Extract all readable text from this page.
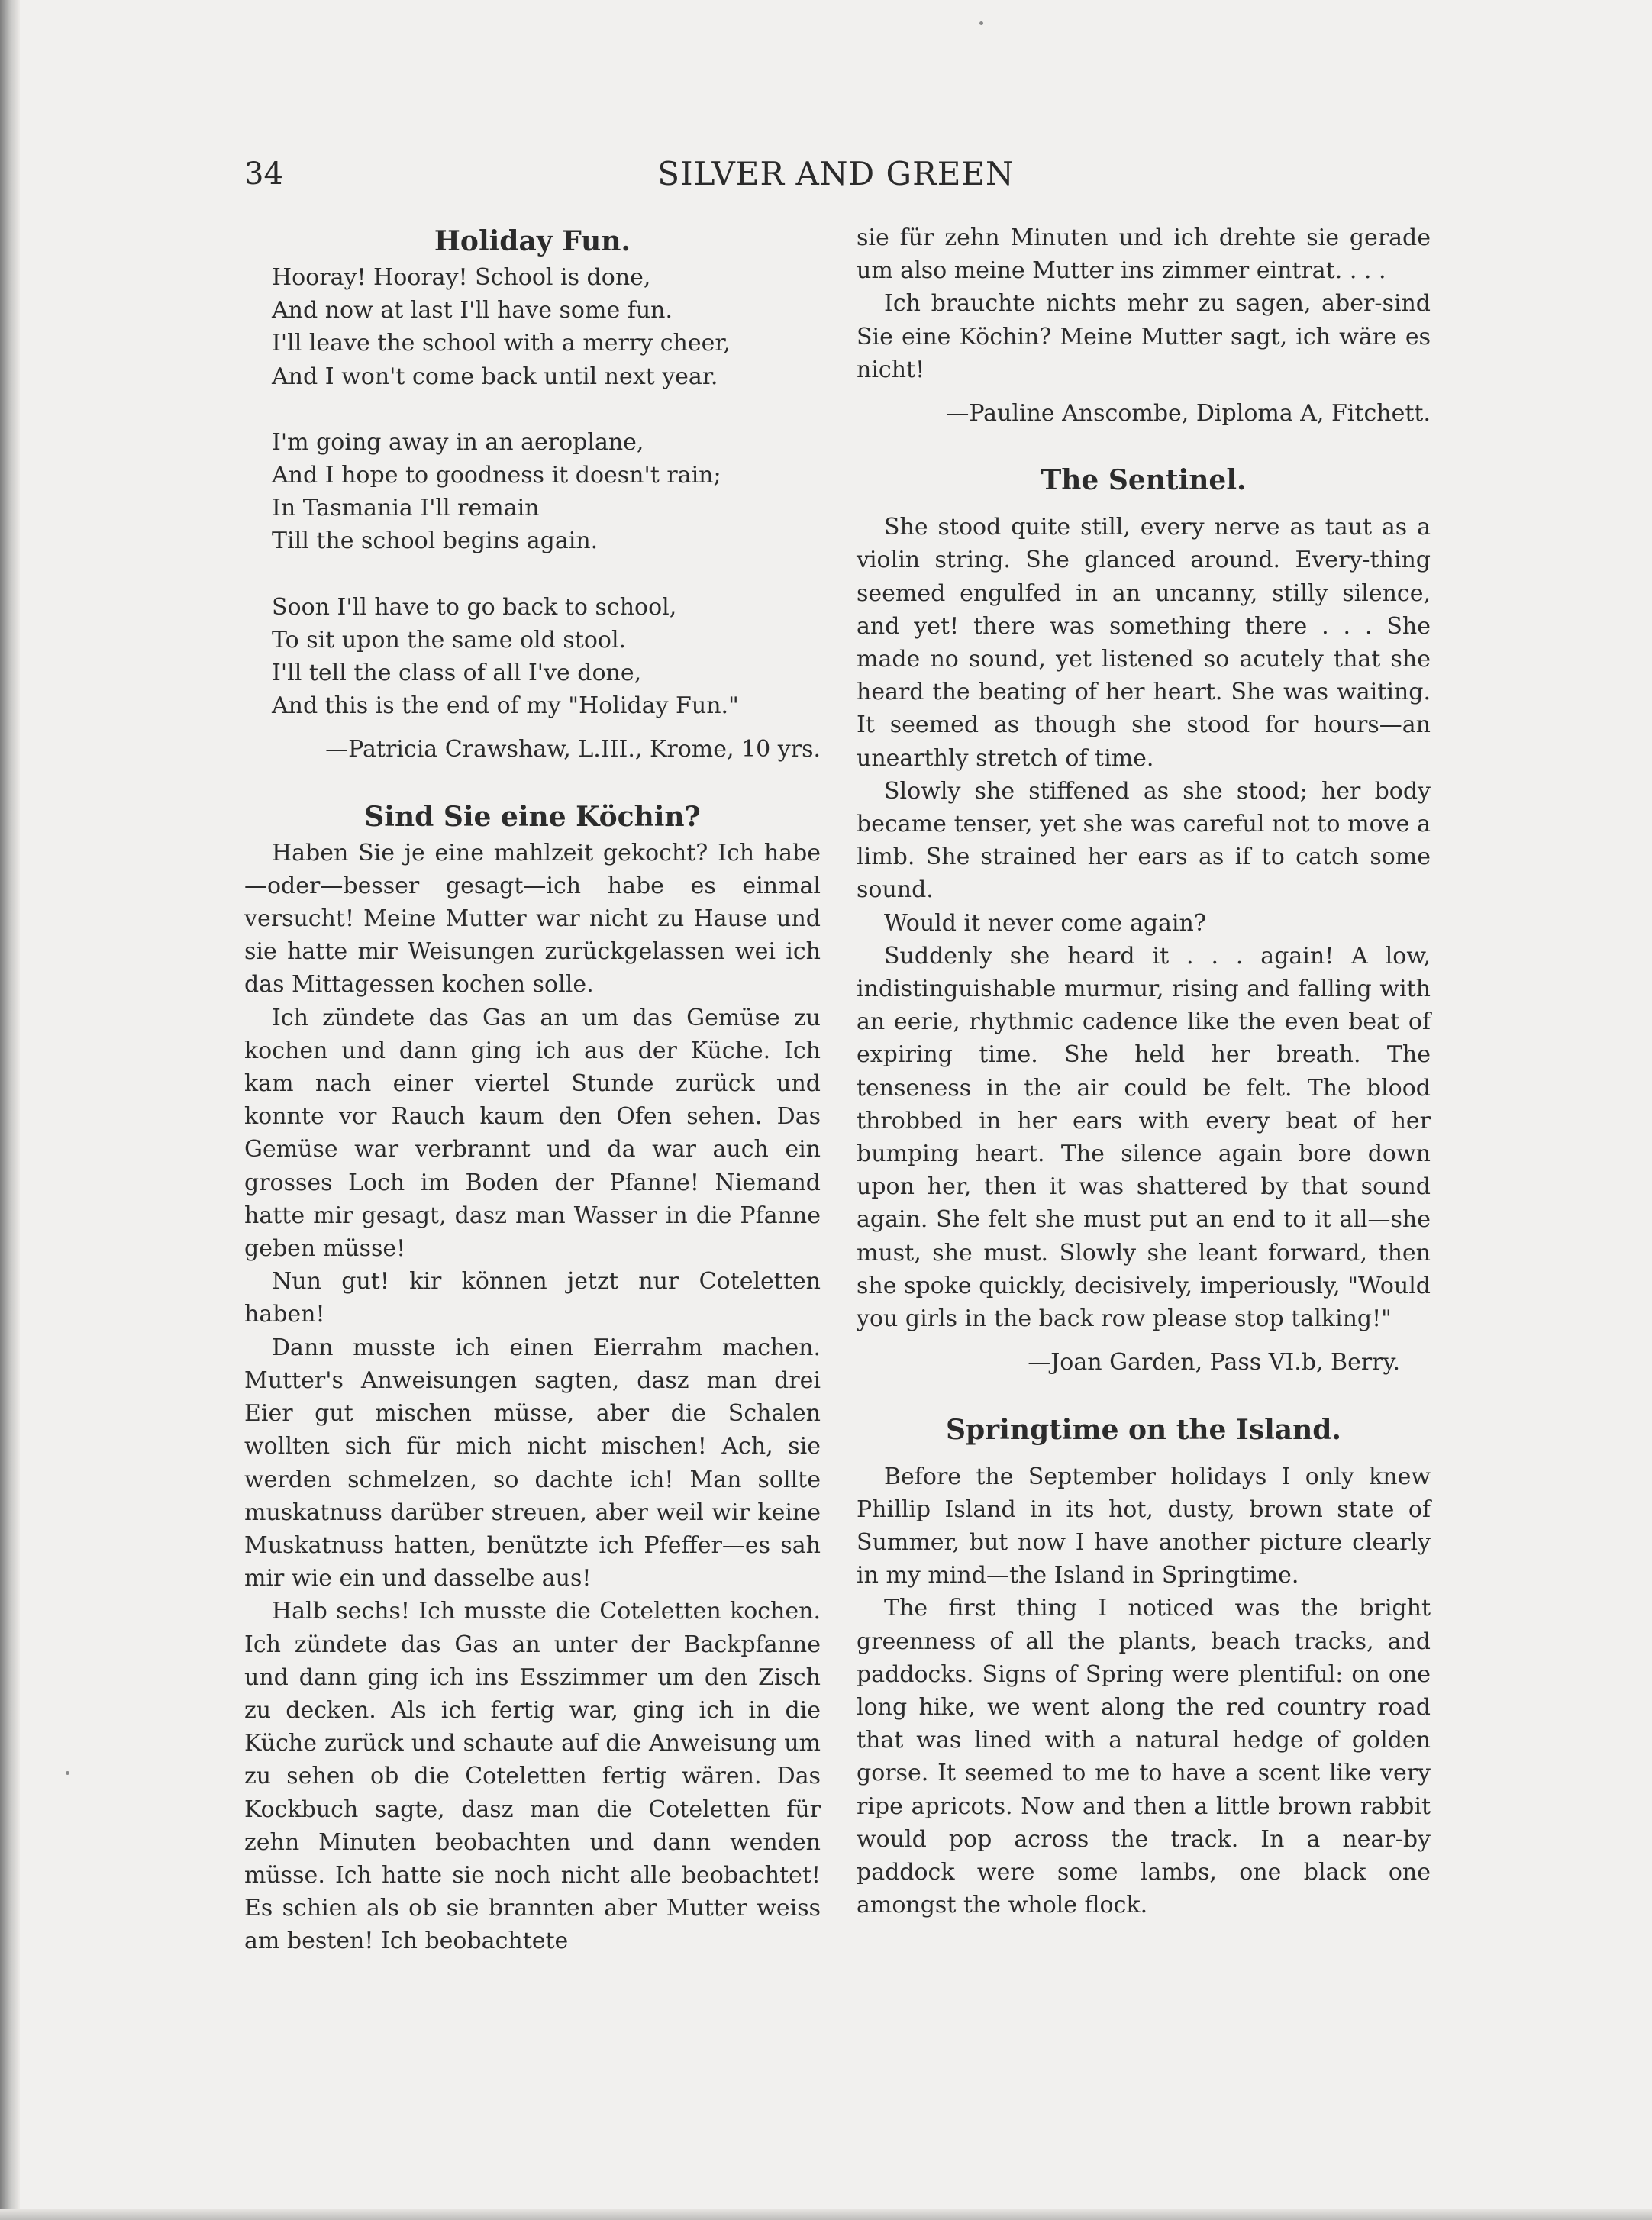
34	SILVER AND GREEN
Holiday Fun.
Hooray! Hooray! School is done,
And now at last I'll have some fun.
I'll leave the school with a merry cheer,
And I won't come back until next year.
I'm going away in an aeroplane,
And I hope to goodness it doesn't rain;
In Tasmania I'll remain
Till the school begins again.
Soon I'll have to go back to school,
To sit upon the same old stool.
I'll tell the class of all I've done,
And this is the end of my "Holiday Fun."
—Patricia Crawshaw, L.III., Krome, 10 yrs.
Sind Sie eine Köchin?

Haben Sie je eine mahlzeit gekocht? Ich habe—oder—besser gesagt—ich habe es einmal versucht! Meine Mutter war nicht zu Hause und sie hatte mir Weisungen zurückgelassen wei ich das Mittagessen kochen solle.

Ich zündete das Gas an um das Gemüse zu kochen und dann ging ich aus der Küche. Ich kam nach einer viertel Stunde zurück und konnte vor Rauch kaum den Ofen sehen. Das Gemüse war verbrannt und da war auch ein grosses Loch im Boden der Pfanne! Niemand hatte mir gesagt, dasz man Wasser in die Pfanne geben müsse!

Nun gut! kir können jetzt nur Coteletten haben!

Dann musste ich einen Eierrahm machen. Mutter's Anweisungen sagten, dasz man drei Eier gut mischen müsse, aber die Schalen wollten sich für mich nicht mischen! Ach, sie werden schmelzen, so dachte ich! Man sollte muskatnuss darüber streuen, aber weil wir keine Muskatnuss hatten, benützte ich Pfeffer—es sah mir wie ein und dasselbe aus!

Halb sechs! Ich musste die Coteletten kochen. Ich zündete das Gas an unter der Backpfanne und dann ging ich ins Esszimmer um den Zisch zu decken. Als ich fertig war, ging ich in die Küche zurück und schaute auf die Anweisung um zu sehen ob die Coteletten fertig wären. Das Kockbuch sagte, dasz man die Coteletten für zehn Minuten beobachten und dann wenden müsse. Ich hatte sie noch nicht alle beobachtet! Es schien als ob sie brannten aber Mutter weiss am besten! Ich beobachtete

sie für zehn Minuten und ich drehte sie gerade um also meine Mutter ins zimmer eintrat. . . .

Ich brauchte nichts mehr zu sagen, aber-sind Sie eine Köchin? Meine Mutter sagt, ich wäre es nicht!

—Pauline Anscombe, Diploma A, Fitchett.
The Sentinel.

She stood quite still, every nerve as taut as a violin string. She glanced around. Every-thing seemed engulfed in an uncanny, stilly silence, and yet! there was something there . . . She made no sound, yet listened so acutely that she heard the beating of her heart. She was waiting. It seemed as though she stood for hours—an unearthly stretch of time.

Slowly she stiffened as she stood; her body became tenser, yet she was careful not to move a limb. She strained her ears as if to catch some sound.

Would it never come again?

Suddenly she heard it . . . again! A low, indistinguishable murmur, rising and falling with an eerie, rhythmic cadence like the even beat of expiring time. She held her breath. The tenseness in the air could be felt. The blood throbbed in her ears with every beat of her bumping heart. The silence again bore down upon her, then it was shattered by that sound again. She felt she must put an end to it all—she must, she must. Slowly she leant forward, then she spoke quickly, decisively, imperiously, "Would you girls in the back row please stop talking!"

—Joan Garden, Pass VI.b, Berry.
Springtime on the Island.

Before the September holidays I only knew Phillip Island in its hot, dusty, brown state of Summer, but now I have another picture clearly in my mind—the Island in Springtime.

The first thing I noticed was the bright greenness of all the plants, beach tracks, and paddocks. Signs of Spring were plentiful: on one long hike, we went along the red country road that was lined with a natural hedge of golden gorse. It seemed to me to have a scent like very ripe apricots. Now and then a little brown rabbit would pop across the track. In a near-by paddock were some lambs, one black one amongst the whole flock.
